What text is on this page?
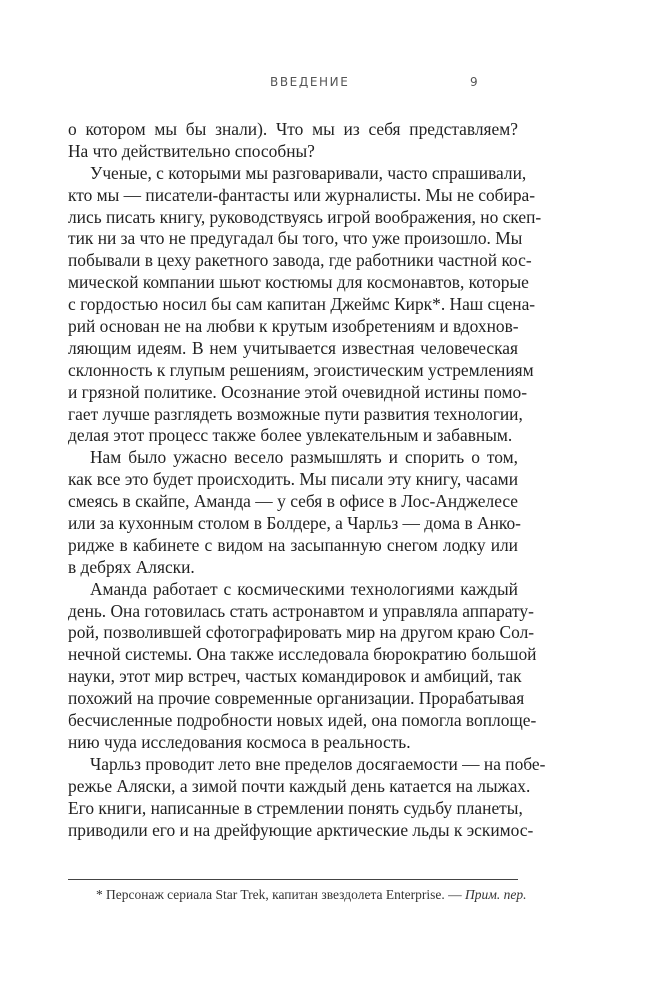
ВВЕДЕНИЕ	9
о котором мы бы знали). Что мы из себя представляем?
На что действительно способны?
Ученые, с которыми мы разговаривали, часто спрашивали,
кто мы — писатели-фантасты или журналисты. Мы не собира-
лись писать книгу, руководствуясь игрой воображения, но скеп-
тик ни за что не предугадал бы того, что уже произошло. Мы
побывали в цеху ракетного завода, где работники частной кос-
мической компании шьют костюмы для космонавтов, которые
с гордостью носил бы сам капитан Джеймс Кирк*. Наш сцена-
рий основан не на любви к крутым изобретениям и вдохнов-
ляющим идеям. В нем учитывается известная человеческая
склонность к глупым решениям, эгоистическим устремлениям
и грязной политике. Осознание этой очевидной истины помо-
гает лучше разглядеть возможные пути развития технологии,
делая этот процесс также более увлекательным и забавным.
Нам было ужасно весело размышлять и спорить о том,
как все это будет происходить. Мы писали эту книгу, часами
смеясь в скайпе, Аманда — у себя в офисе в Лос-Анджелесе
или за кухонным столом в Болдере, а Чарльз — дома в Анко-
ридже в кабинете с видом на засыпанную снегом лодку или
в дебрях Аляски.
Аманда работает с космическими технологиями каждый
день. Она готовилась стать астронавтом и управляла аппарату-
рой, позволившей сфотографировать мир на другом краю Сол-
нечной системы. Она также исследовала бюрократию большой
науки, этот мир встреч, частых командировок и амбиций, так
похожий на прочие современные организации. Прорабатывая
бесчисленные подробности новых идей, она помогла воплоще-
нию чуда исследования космоса в реальность.
Чарльз проводит лето вне пределов досягаемости — на побе-
режье Аляски, а зимой почти каждый день катается на лыжах.
Его книги, написанные в стремлении понять судьбу планеты,
приводили его и на дрейфующие арктические льды к эскимос-
* Персонаж сериала Star Trek, капитан звездолета Enterprise. — Прим. пер.
